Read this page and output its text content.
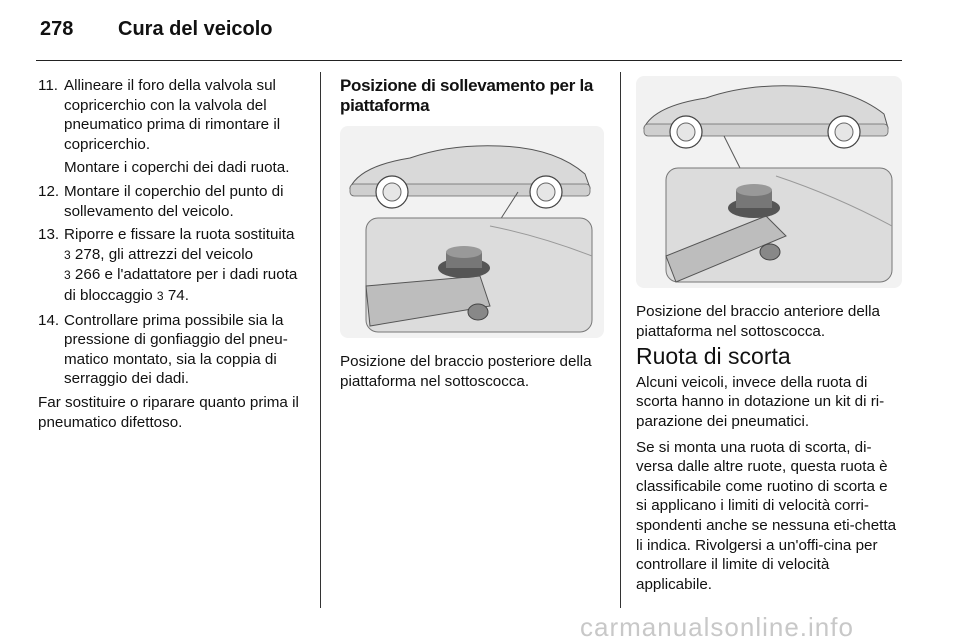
278	Cura del veicolo
11. Allineare il foro della valvola sul copricerchio con la valvola del pneumatico prima di rimontare il copricerchio.
Montare i coperchi dei dadi ruota.
12. Montare il coperchio del punto di sollevamento del veicolo.
13. Riporre e fissare la ruota sostituita
3 278, gli attrezzi del veicolo
3 266 e l'adattatore per i dadi ruota di bloccaggio 3 74.
14. Controllare prima possibile sia la pressione di gonfiaggio del pneu-matico montato, sia la coppia di serraggio dei dadi.

Far sostituire o riparare quanto prima il pneumatico difettoso.

Posizione di sollevamento per la piattaforma

Posizione del braccio posteriore della piattaforma nel sottoscocca.

Posizione del braccio anteriore della piattaforma nel sottoscocca.

Ruota di scorta

Alcuni veicoli, invece della ruota di scorta hanno in dotazione un kit di ri-parazione dei pneumatici.

Se si monta una ruota di scorta, di-versa dalle altre ruote, questa ruota è classificabile come ruotino di scorta e si applicano i limiti di velocità corri-spondenti anche se nessuna eti-chetta li indica. Rivolgersi a un'offi-cina per controllare il limite di velocità applicabile.

carmanualsonline.info
